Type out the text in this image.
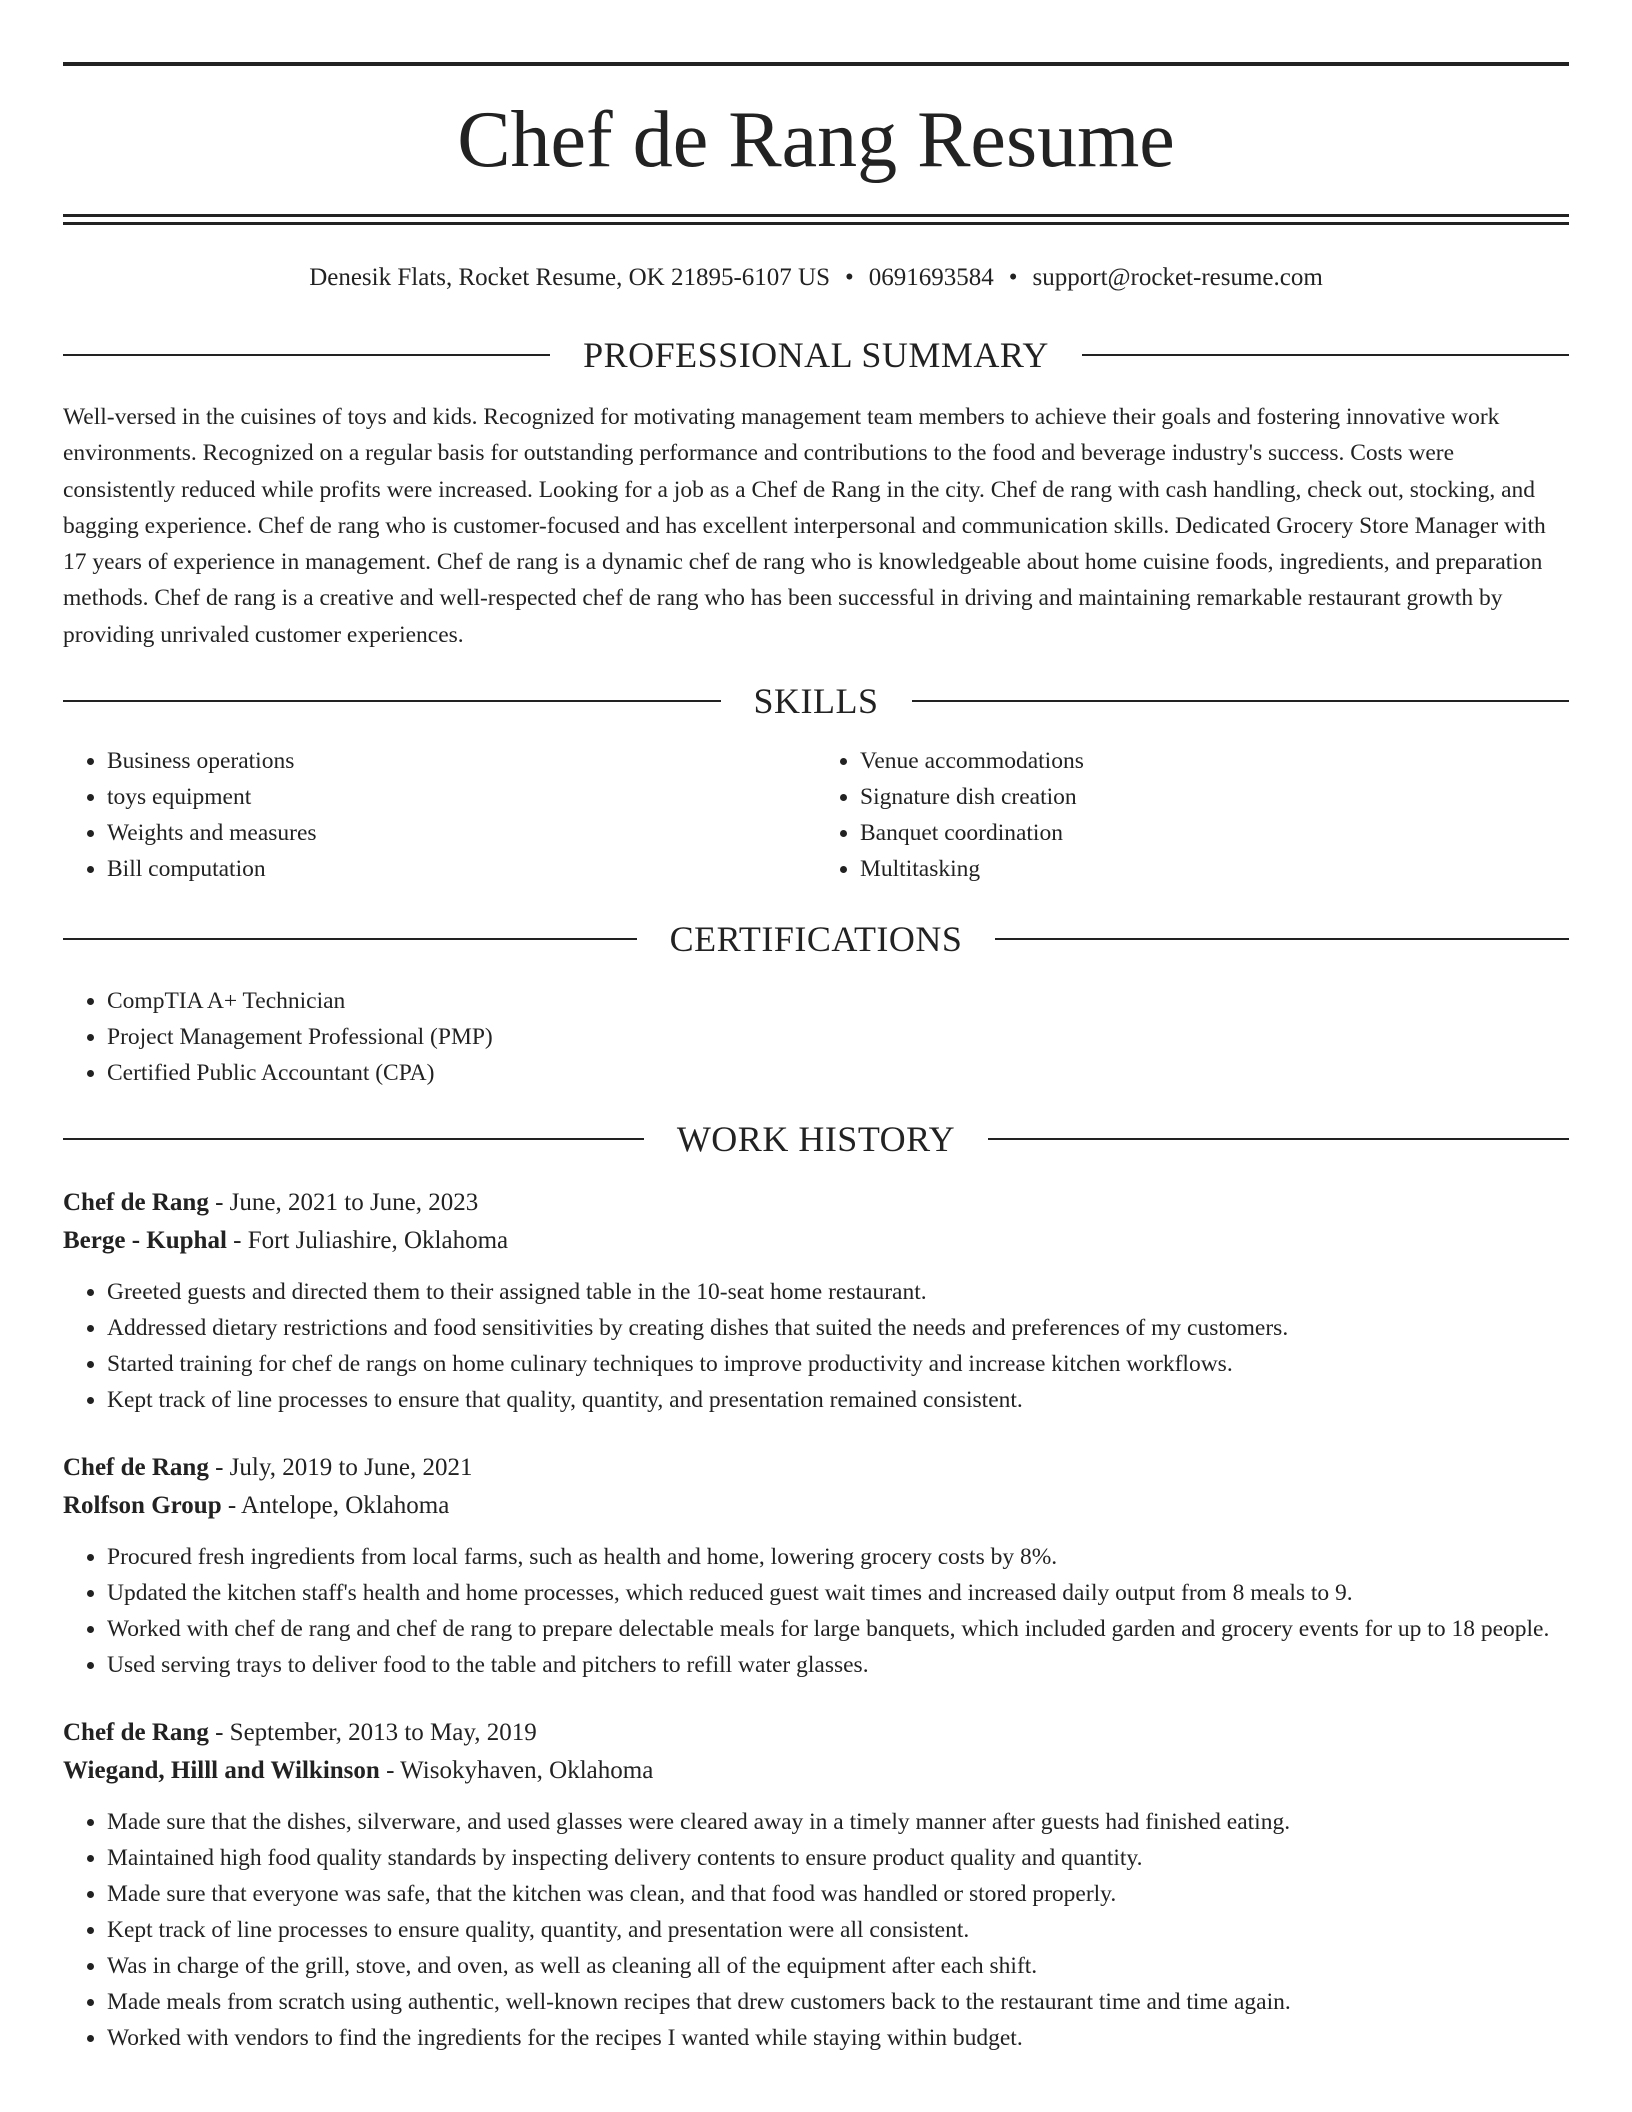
Chef de Rang Resume
Denesik Flats, Rocket Resume, OK 21895-6107 US • 0691693584 • support@rocket-resume.com
PROFESSIONAL SUMMARY

Well-versed in the cuisines of toys and kids. Recognized for motivating management team members to achieve their goals and fostering innovative work environments. Recognized on a regular basis for outstanding performance and contributions to the food and beverage industry's success. Costs were consistently reduced while profits were increased. Looking for a job as a Chef de Rang in the city. Chef de rang with cash handling, check out, stocking, and bagging experience. Chef de rang who is customer-focused and has excellent interpersonal and communication skills. Dedicated Grocery Store Manager with 17 years of experience in management. Chef de rang is a dynamic chef de rang who is knowledgeable about home cuisine foods, ingredients, and preparation methods. Chef de rang is a creative and well-respected chef de rang who has been successful in driving and maintaining remarkable restaurant growth by providing unrivaled customer experiences.

SKILLS
• Business operations
• toys equipment
• Weights and measures
• Bill computation
• Venue accommodations
• Signature dish creation
• Banquet coordination
• Multitasking
CERTIFICATIONS
• CompTIA A+ Technician
• Project Management Professional (PMP)
• Certified Public Accountant (CPA)
WORK HISTORY
Chef de Rang - June, 2021 to June, 2023
Berge - Kuphal - Fort Juliashire, Oklahoma
• Greeted guests and directed them to their assigned table in the 10-seat home restaurant.
• Addressed dietary restrictions and food sensitivities by creating dishes that suited the needs and preferences of my customers.
• Started training for chef de rangs on home culinary techniques to improve productivity and increase kitchen workflows.
• Kept track of line processes to ensure that quality, quantity, and presentation remained consistent.
Chef de Rang - July, 2019 to June, 2021
Rolfson Group - Antelope, Oklahoma
• Procured fresh ingredients from local farms, such as health and home, lowering grocery costs by 8%.
• Updated the kitchen staff's health and home processes, which reduced guest wait times and increased daily output from 8 meals to 9.
• Worked with chef de rang and chef de rang to prepare delectable meals for large banquets, which included garden and grocery events for up to 18 people.
• Used serving trays to deliver food to the table and pitchers to refill water glasses.
Chef de Rang - September, 2013 to May, 2019
Wiegand, Hilll and Wilkinson - Wisokyhaven, Oklahoma
• Made sure that the dishes, silverware, and used glasses were cleared away in a timely manner after guests had finished eating.
• Maintained high food quality standards by inspecting delivery contents to ensure product quality and quantity.
• Made sure that everyone was safe, that the kitchen was clean, and that food was handled or stored properly.
• Kept track of line processes to ensure quality, quantity, and presentation were all consistent.
• Was in charge of the grill, stove, and oven, as well as cleaning all of the equipment after each shift.
• Made meals from scratch using authentic, well-known recipes that drew customers back to the restaurant time and time again.
• Worked with vendors to find the ingredients for the recipes I wanted while staying within budget.
